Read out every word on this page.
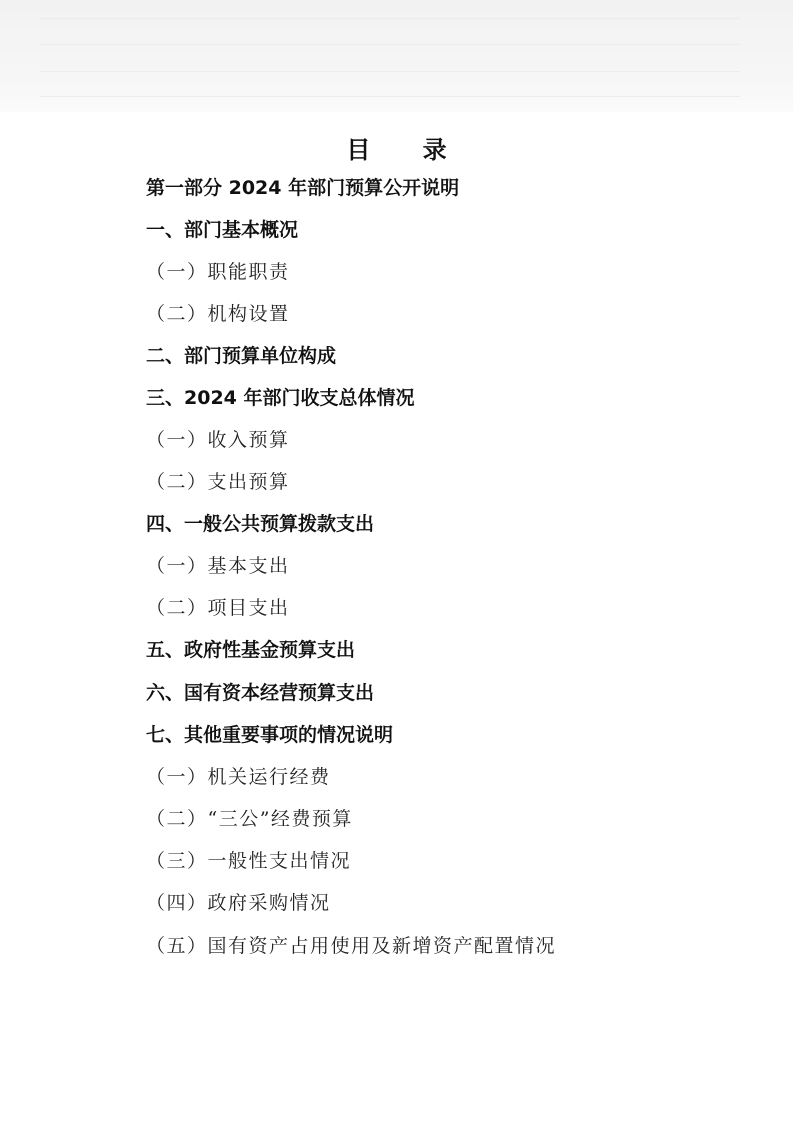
目 录
第一部分 2024 年部门预算公开说明
一、部门基本概况
（一）职能职责
（二）机构设置
二、部门预算单位构成
三、2024 年部门收支总体情况
（一）收入预算
（二）支出预算
四、一般公共预算拨款支出
（一）基本支出
（二）项目支出
五、政府性基金预算支出
六、国有资本经营预算支出
七、其他重要事项的情况说明
（一）机关运行经费
（二）“三公”经费预算
（三）一般性支出情况
（四）政府采购情况
（五）国有资产占用使用及新增资产配置情况
